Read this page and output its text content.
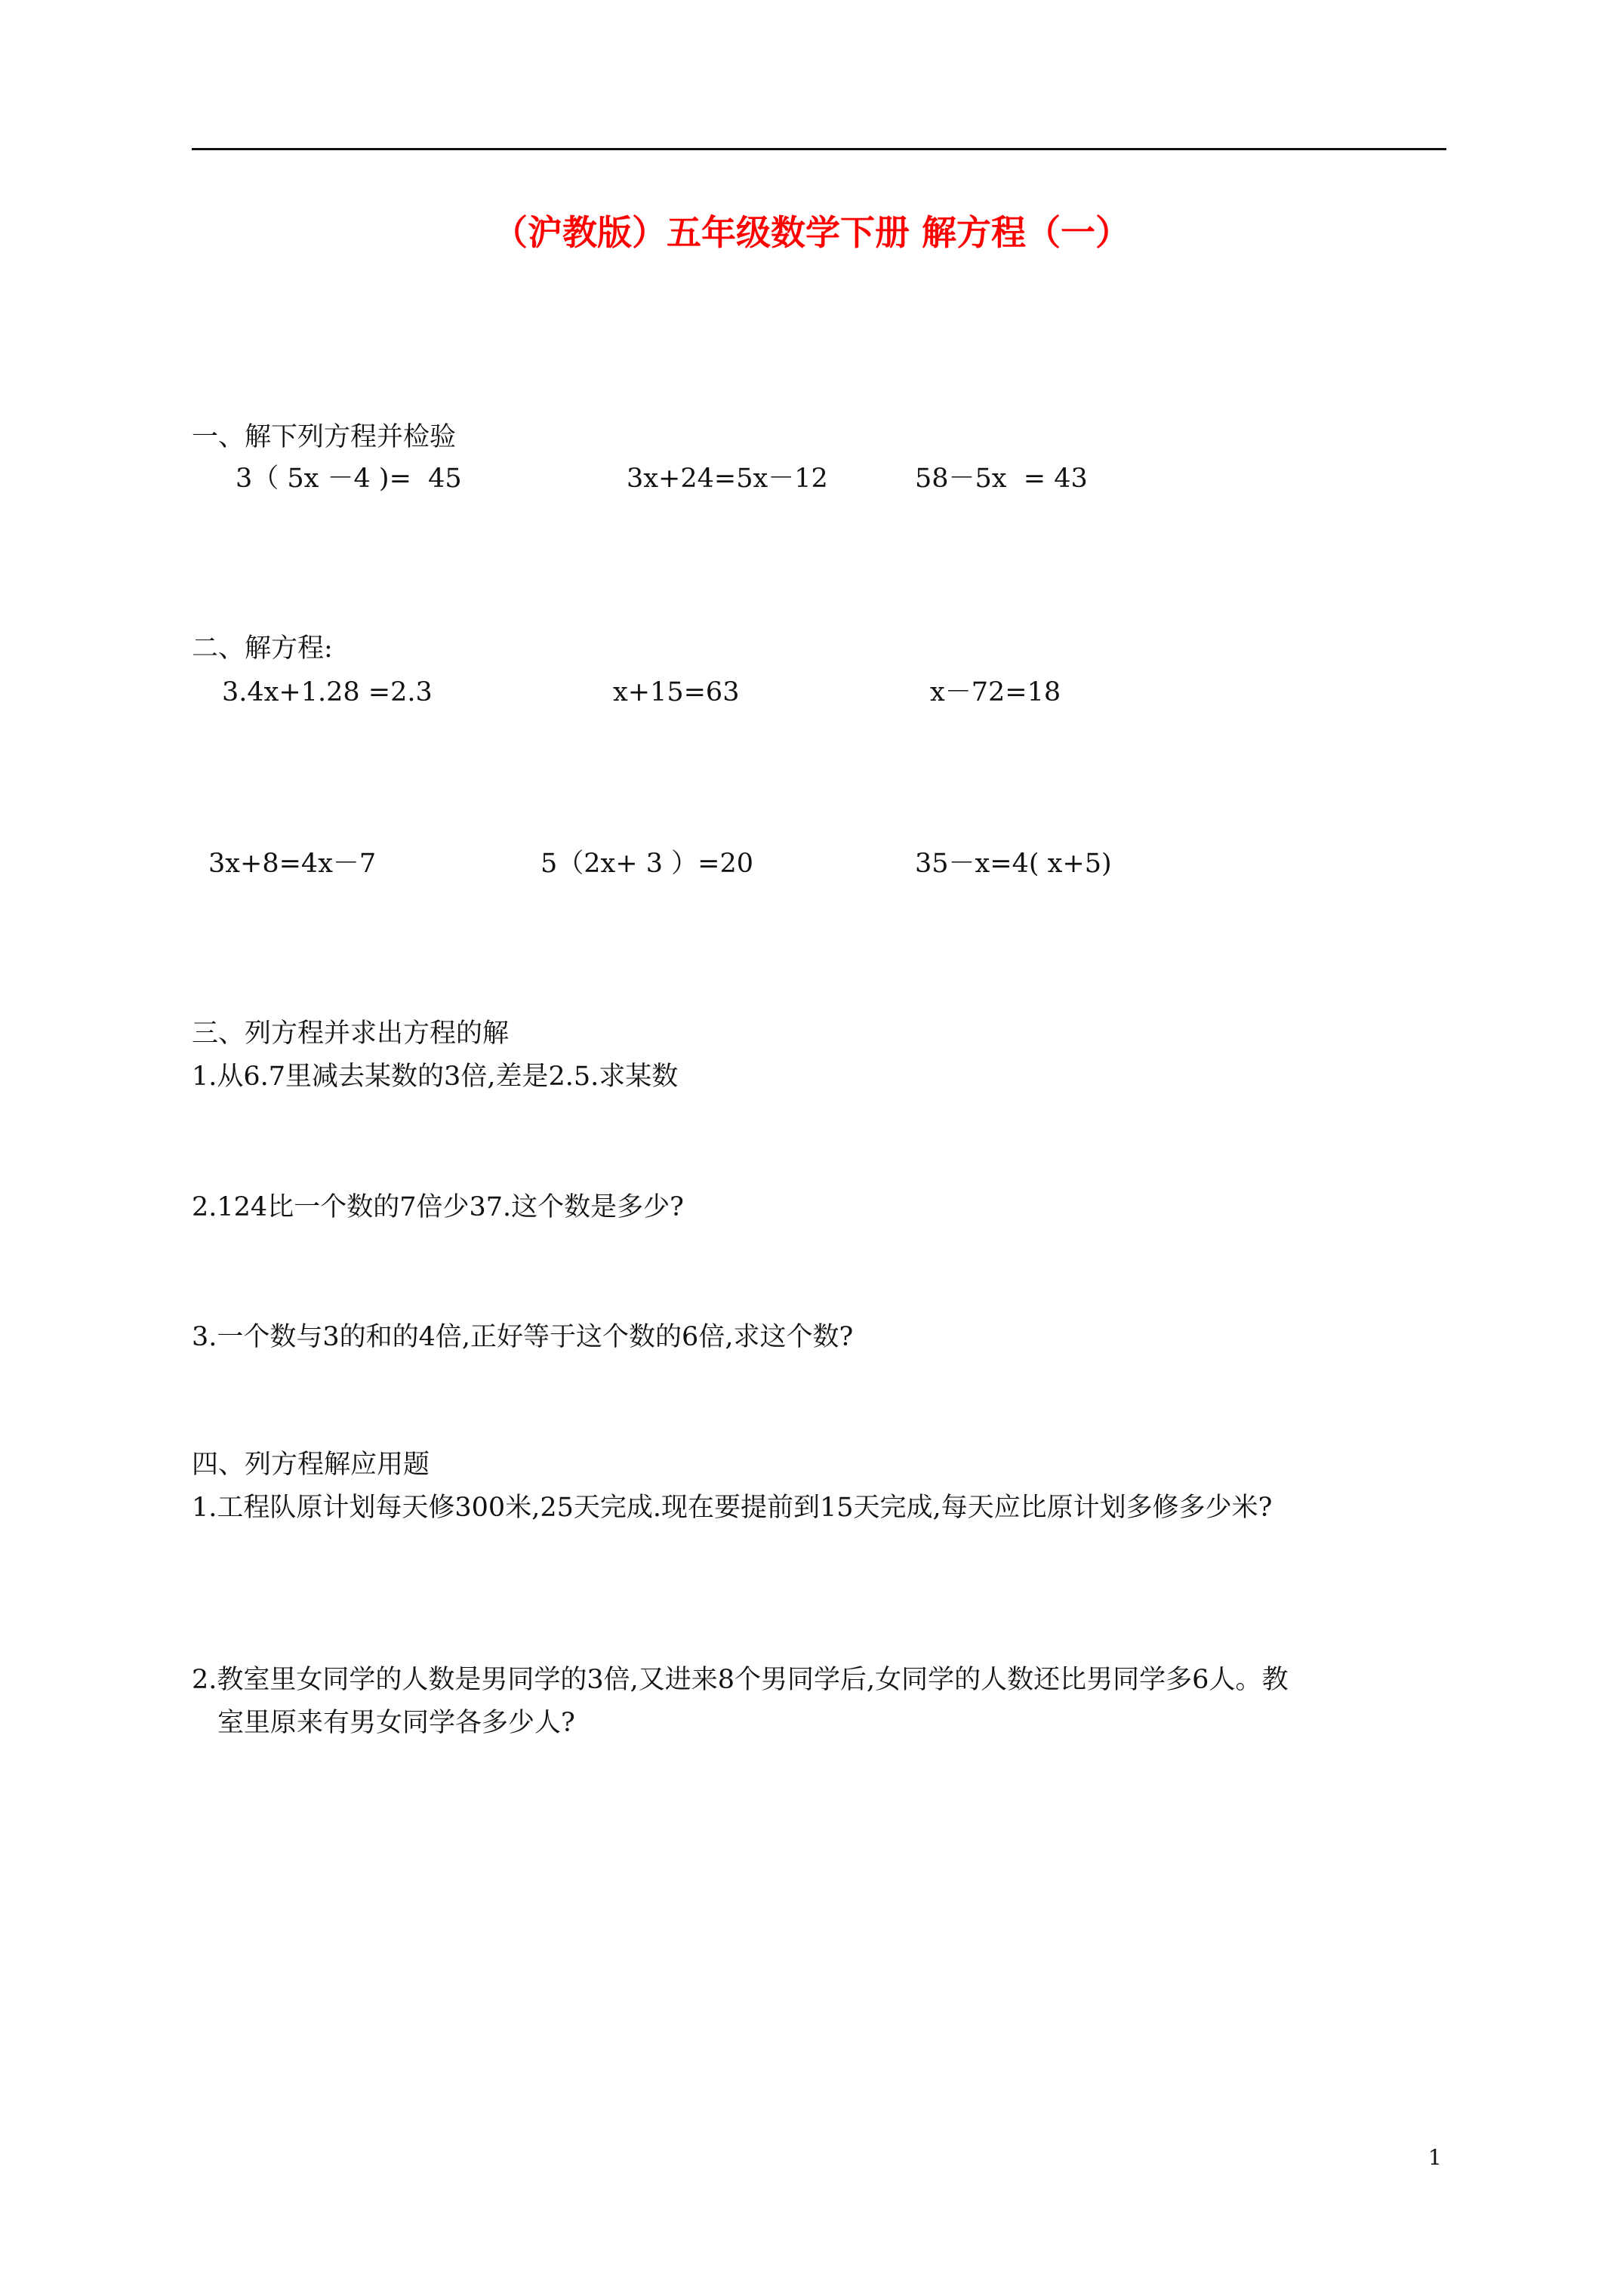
（沪教版）五年级数学下册 解方程（一）
一、解下列方程并检验
3（ 5x －4 )=  45	3x+24=5x－12	58－5x  = 43
二、解方程:
3.4x+1.28 =2.3	x+15=63	x－72=18
3x+8=4x－7	5（2x+ 3 ）=20	35－x=4( x+5)
三、列方程并求出方程的解
1.从6.7里减去某数的3倍,差是2.5.求某数
2.124比一个数的7倍少37.这个数是多少?
3.一个数与3的和的4倍,正好等于这个数的6倍,求这个数?
四、列方程解应用题
1.工程队原计划每天修300米,25天完成.现在要提前到15天完成,每天应比原计划多修多少米?
2.教室里女同学的人数是男同学的3倍,又进来8个男同学后,女同学的人数还比男同学多6人。教
室里原来有男女同学各多少人?
1
